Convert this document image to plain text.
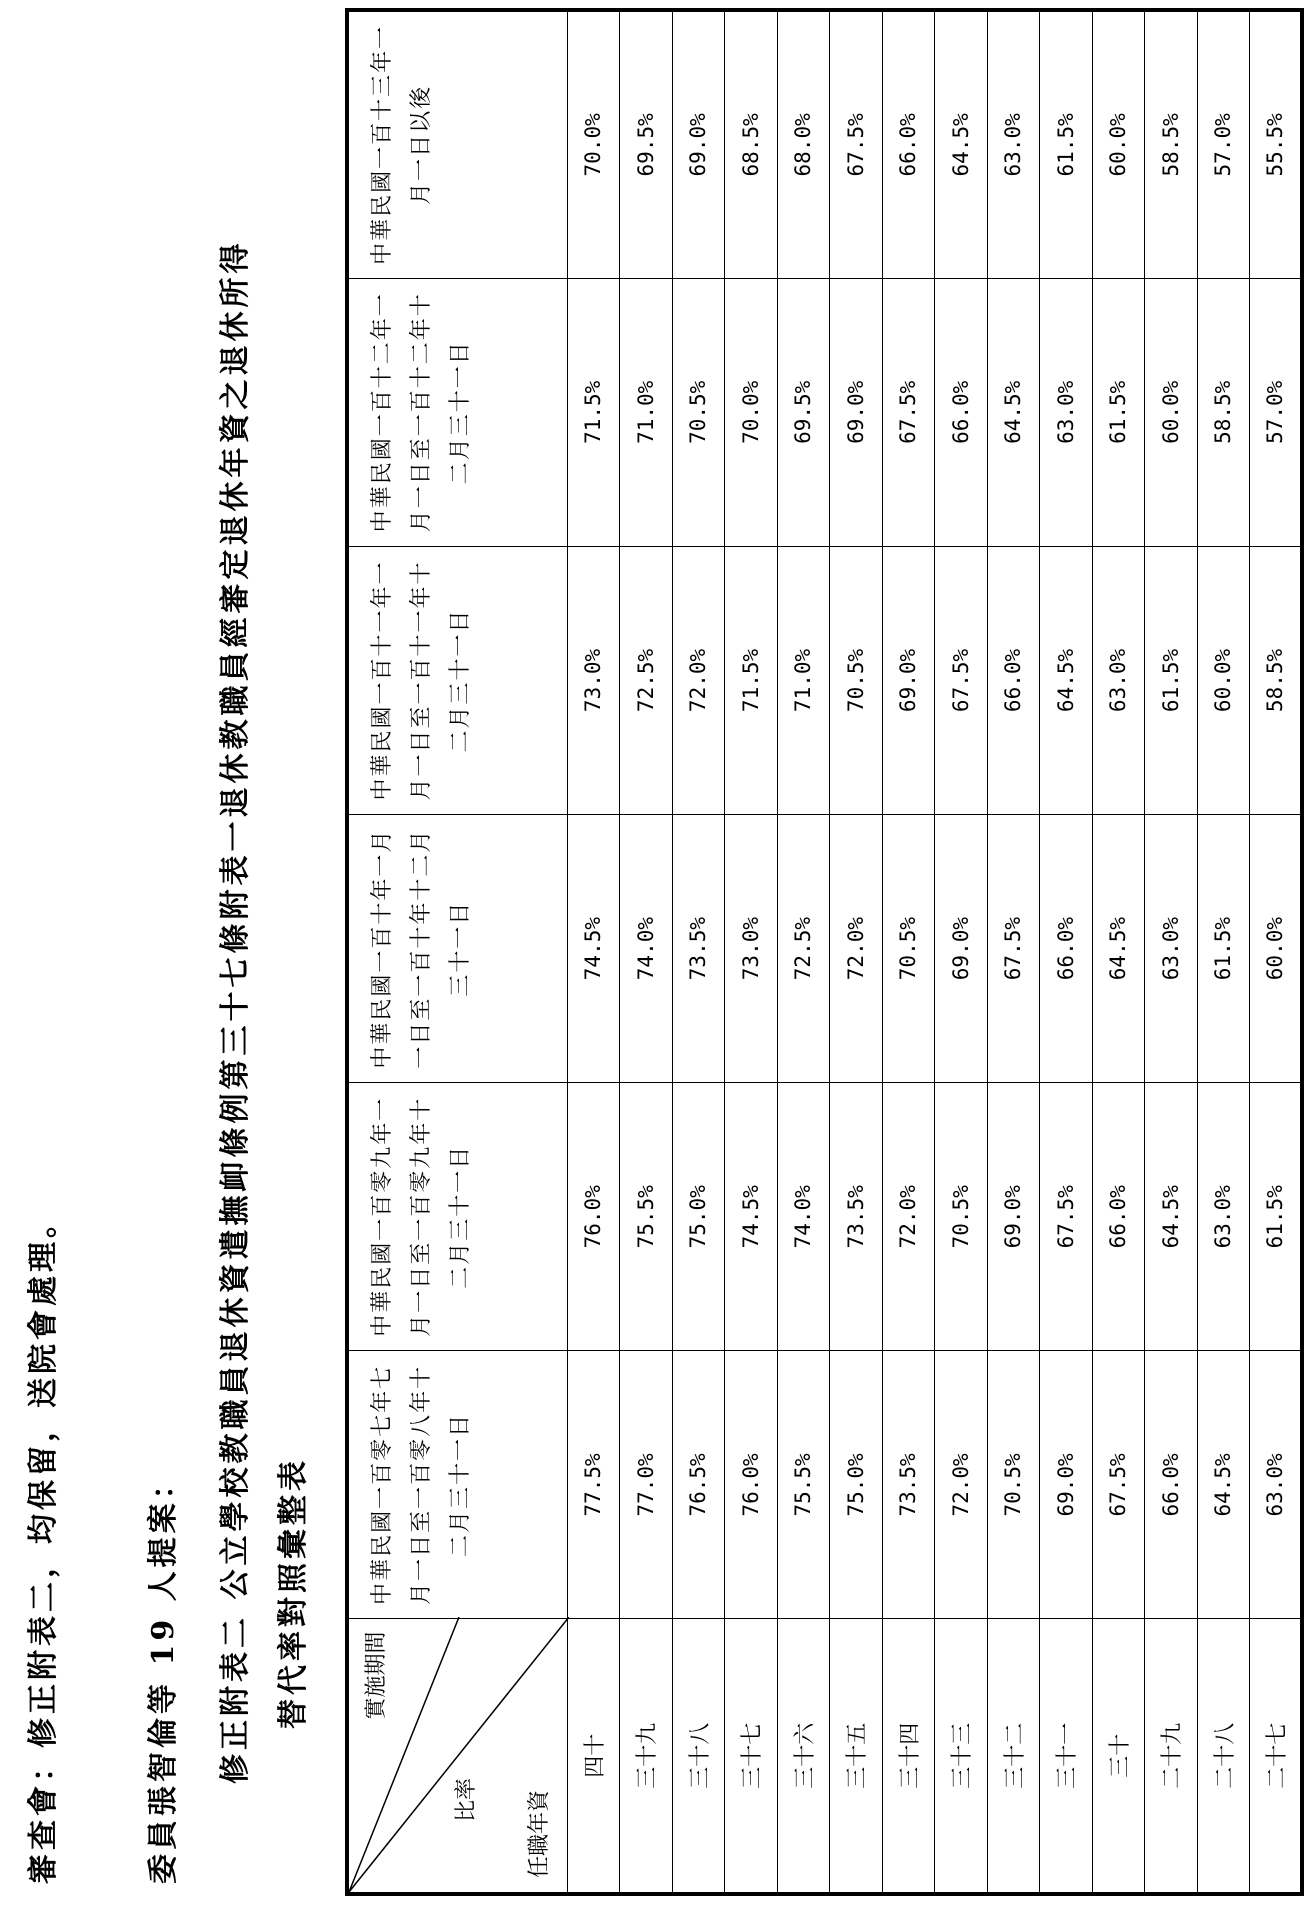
審查會：修正附表二，均保留，送院會處理。	委員張智倫等 19 人提案： 修正附表二 公立學校教職員退休資遣撫卹條例第三十七條附表一退休教職員經審定退休年資之退休所得 替代率對照彙整表 實施期間
比率 任職年資	中華民國一百零七年七月一日至一百零八年十二月三十一日	中華民國一百零九年一月一日至一百零九年十二月三十一日	中華民國一百十年一月一日至一百十年十二月三十一日	中華民國一百十一年一月一日至一百十一年十二月三十一日	中華民國一百十二年一月一日至一百十二年十二月三十一日	中華民國一百十三年一月一日以後
四十	77.5%	76.0%	74.5%	73.0%	71.5%	70.0%
三十九	77.0%	75.5%	74.0%	72.5%	71.0%	69.5%
三十八	76.5%	75.0%	73.5%	72.0%	70.5%	69.0%
三十七	76.0%	74.5%	73.0%	71.5%	70.0%	68.5%
三十六	75.5%	74.0%	72.5%	71.0%	69.5%	68.0%
三十五	75.0%	73.5%	72.0%	70.5%	69.0%	67.5%
三十四	73.5%	72.0%	70.5%	69.0%	67.5%	66.0%
三十三	72.0%	70.5%	69.0%	67.5%	66.0%	64.5%
三十二	70.5%	69.0%	67.5%	66.0%	64.5%	63.0%
三十一	69.0%	67.5%	66.0%	64.5%	63.0%	61.5%
三十	67.5%	66.0%	64.5%	63.0%	61.5%	60.0%
二十九	66.0%	64.5%	63.0%	61.5%	60.0%	58.5%
二十八	64.5%	63.0%	61.5%	60.0%	58.5%	57.0%
二十七	63.0%	61.5%	60.0%	58.5%	57.0%	55.5%
